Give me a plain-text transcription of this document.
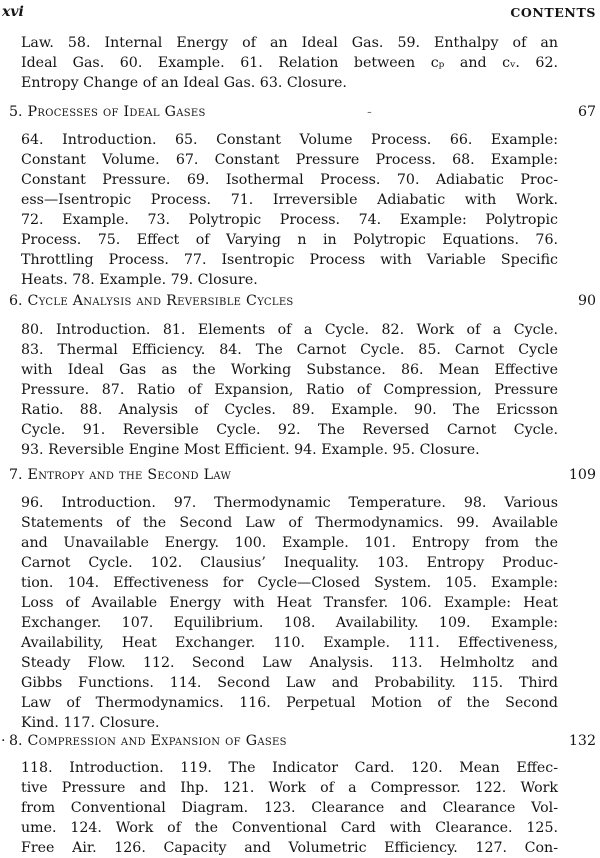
xvi	CONTENTS
Law. 58. Internal Energy of an Ideal Gas. 59. Enthalpy of an
Ideal Gas. 60. Example. 61. Relation between cₚ and cᵥ. 62.
Entropy Change of an Ideal Gas. 63. Closure.
5. Processes of Ideal Gases	-	67
64. Introduction. 65. Constant Volume Process. 66. Example:
Constant Volume. 67. Constant Pressure Process. 68. Example:
Constant Pressure. 69. Isothermal Process. 70. Adiabatic Proc-
ess—Isentropic Process. 71. Irreversible Adiabatic with Work.
72. Example. 73. Polytropic Process. 74. Example: Polytropic
Process. 75. Effect of Varying n in Polytropic Equations. 76.
Throttling Process. 77. Isentropic Process with Variable Specific
Heats. 78. Example. 79. Closure.
6. Cycle Analysis and Reversible Cycles	90
80. Introduction. 81. Elements of a Cycle. 82. Work of a Cycle.
83. Thermal Efficiency. 84. The Carnot Cycle. 85. Carnot Cycle
with Ideal Gas as the Working Substance. 86. Mean Effective
Pressure. 87. Ratio of Expansion, Ratio of Compression, Pressure
Ratio. 88. Analysis of Cycles. 89. Example. 90. The Ericsson
Cycle. 91. Reversible Cycle. 92. The Reversed Carnot Cycle.
93. Reversible Engine Most Efficient. 94. Example. 95. Closure.
7. Entropy and the Second Law	109
96. Introduction. 97. Thermodynamic Temperature. 98. Various
Statements of the Second Law of Thermodynamics. 99. Available
and Unavailable Energy. 100. Example. 101. Entropy from the
Carnot Cycle. 102. Clausius’ Inequality. 103. Entropy Produc-
tion. 104. Effectiveness for Cycle—Closed System. 105. Example:
Loss of Available Energy with Heat Transfer. 106. Example: Heat
Exchanger. 107. Equilibrium. 108. Availability. 109. Example:
Availability, Heat Exchanger. 110. Example. 111. Effectiveness,
Steady Flow. 112. Second Law Analysis. 113. Helmholtz and
Gibbs Functions. 114. Second Law and Probability. 115. Third
Law of Thermodynamics. 116. Perpetual Motion of the Second
Kind. 117. Closure.
· 8. Compression and Expansion of Gases	132
118. Introduction. 119. The Indicator Card. 120. Mean Effec-
tive Pressure and Ihp. 121. Work of a Compressor. 122. Work
from Conventional Diagram. 123. Clearance and Clearance Vol-
ume. 124. Work of the Conventional Card with Clearance. 125.
Free Air. 126. Capacity and Volumetric Efficiency. 127. Con-
